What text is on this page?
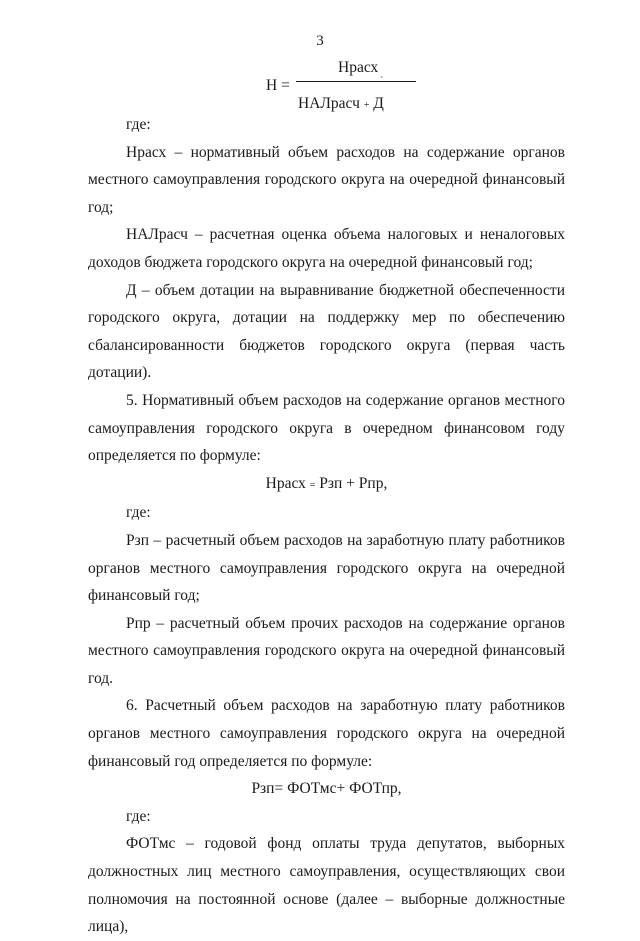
3
Н =
Нрасх
`
НАЛрасч + Д

где:

Нрасх – нормативный объем расходов на содержание органов местного самоуправления городского округа на очередной финансовый год;

НАЛрасч – расчетная оценка объема налоговых и неналоговых доходов бюджета городского округа на очередной финансовый год;

Д – объем дотации на выравнивание бюджетной обеспеченности городского округа, дотации на поддержку мер по обеспечению сбалансированности бюджетов городского округа (первая часть дотации).

5. Нормативный объем расходов на содержание органов местного самоуправления городского округа в очередном финансовом году определяется по формуле:

Нрасх = Рзп + Рпр,

где:

Рзп – расчетный объем расходов на заработную плату работников органов местного самоуправления городского округа на очередной финансовый год;

Рпр – расчетный объем прочих расходов на содержание органов местного самоуправления городского округа на очередной финансовый год.

6. Расчетный объем расходов на заработную плату работников органов местного самоуправления городского округа на очередной финансовый год определяется по формуле:

Рзп= ФОТмс+ ФОТпр,

где:

ФОТмс – годовой фонд оплаты труда депутатов, выборных должностных лиц местного самоуправления, осуществляющих свои полномочия на постоянной основе (далее – выборные должностные лица),
